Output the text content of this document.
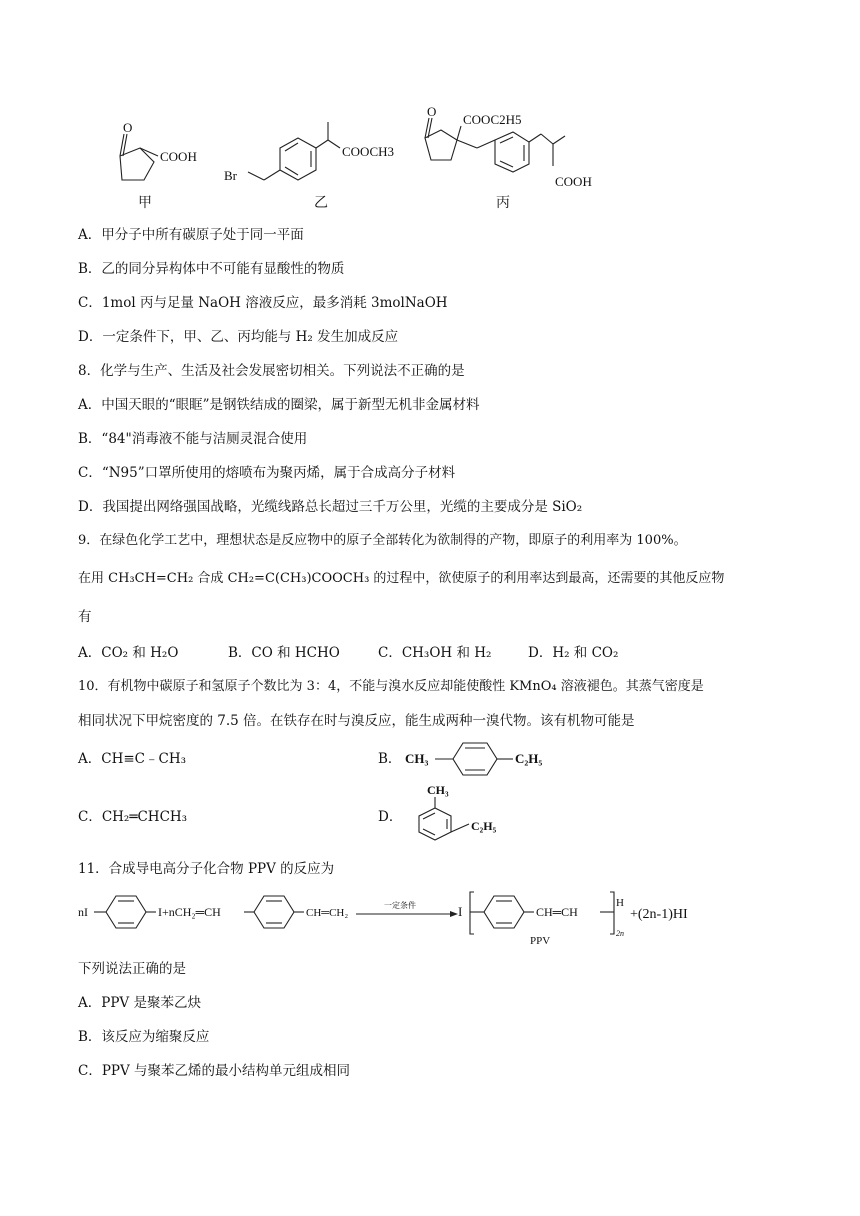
O
COOH
甲
Br
COOCH3
乙
O
COOC2H5
COOH
丙
A．甲分子中所有碳原子处于同一平面
B．乙的同分异构体中不可能有显酸性的物质
C．1mol 丙与足量 NaOH 溶液反应，最多消耗 3molNaOH
D．一定条件下，甲、乙、丙均能与 H₂ 发生加成反应
8．化学与生产、生活及社会发展密切相关。下列说法不正确的是
A．中国天眼的“眼眶”是钢铁结成的圈梁，属于新型无机非金属材料
B．“84"消毒液不能与洁厕灵混合使用
C．“N95”口罩所使用的熔喷布为聚丙烯，属于合成高分子材料
D．我国提出网络强国战略，光缆线路总长超过三千万公里，光缆的主要成分是 SiO₂
9．在绿色化学工艺中，理想状态是反应物中的原子全部转化为欲制得的产物，即原子的利用率为 100%。
在用 CH₃CH=CH₂ 合成 CH₂=C(CH₃)COOCH₃ 的过程中，欲使原子的利用率达到最高，还需要的其他反应物
有
A．CO₂ 和 H₂O	B．CO 和 HCHO	C．CH₃OH 和 H₂	D．H₂ 和 CO₂
10．有机物中碳原子和氢原子个数比为 3：4，不能与溴水反应却能使酸性 KMnO₄ 溶液褪色。其蒸气密度是
相同状况下甲烷密度的 7.5 倍。在铁存在时与溴反应，能生成两种一溴代物。该有机物可能是
A．CH≡C﹣CH₃	B． CH₃	C₂H₅
C．CH₂═CHCH₃	D．
CH₃
C₂H₅
11．合成导电高分子化合物 PPV 的反应为
nI	I+nCH₂═CH	CH═CH₂
一定条件	I	CH═CH
2n
H
PPV
+(2n-1)HI
下列说法正确的是
A．PPV 是聚苯乙炔
B．该反应为缩聚反应
C．PPV 与聚苯乙烯的最小结构单元组成相同
